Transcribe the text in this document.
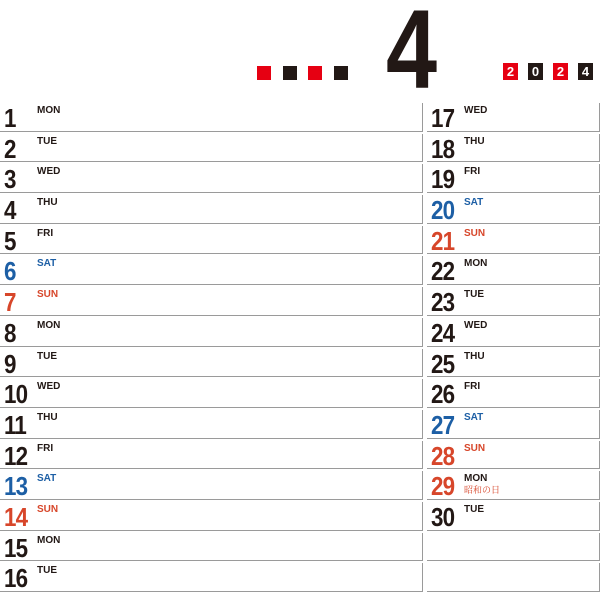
4	2 0 2 4
1 MON
2 TUE
3 WED
4 THU
5 FRI
6 SAT
7 SUN
8 MON
9 TUE
10 WED
11 THU
12 FRI
13 SAT
14 SUN
15 MON
16 TUE
17 WED
18 THU
19 FRI
20 SAT
21 SUN
22 MON
23 TUE
24 WED
25 THU
26 FRI
27 SAT
28 SUN
29 MON
昭和の日
30 TUE
